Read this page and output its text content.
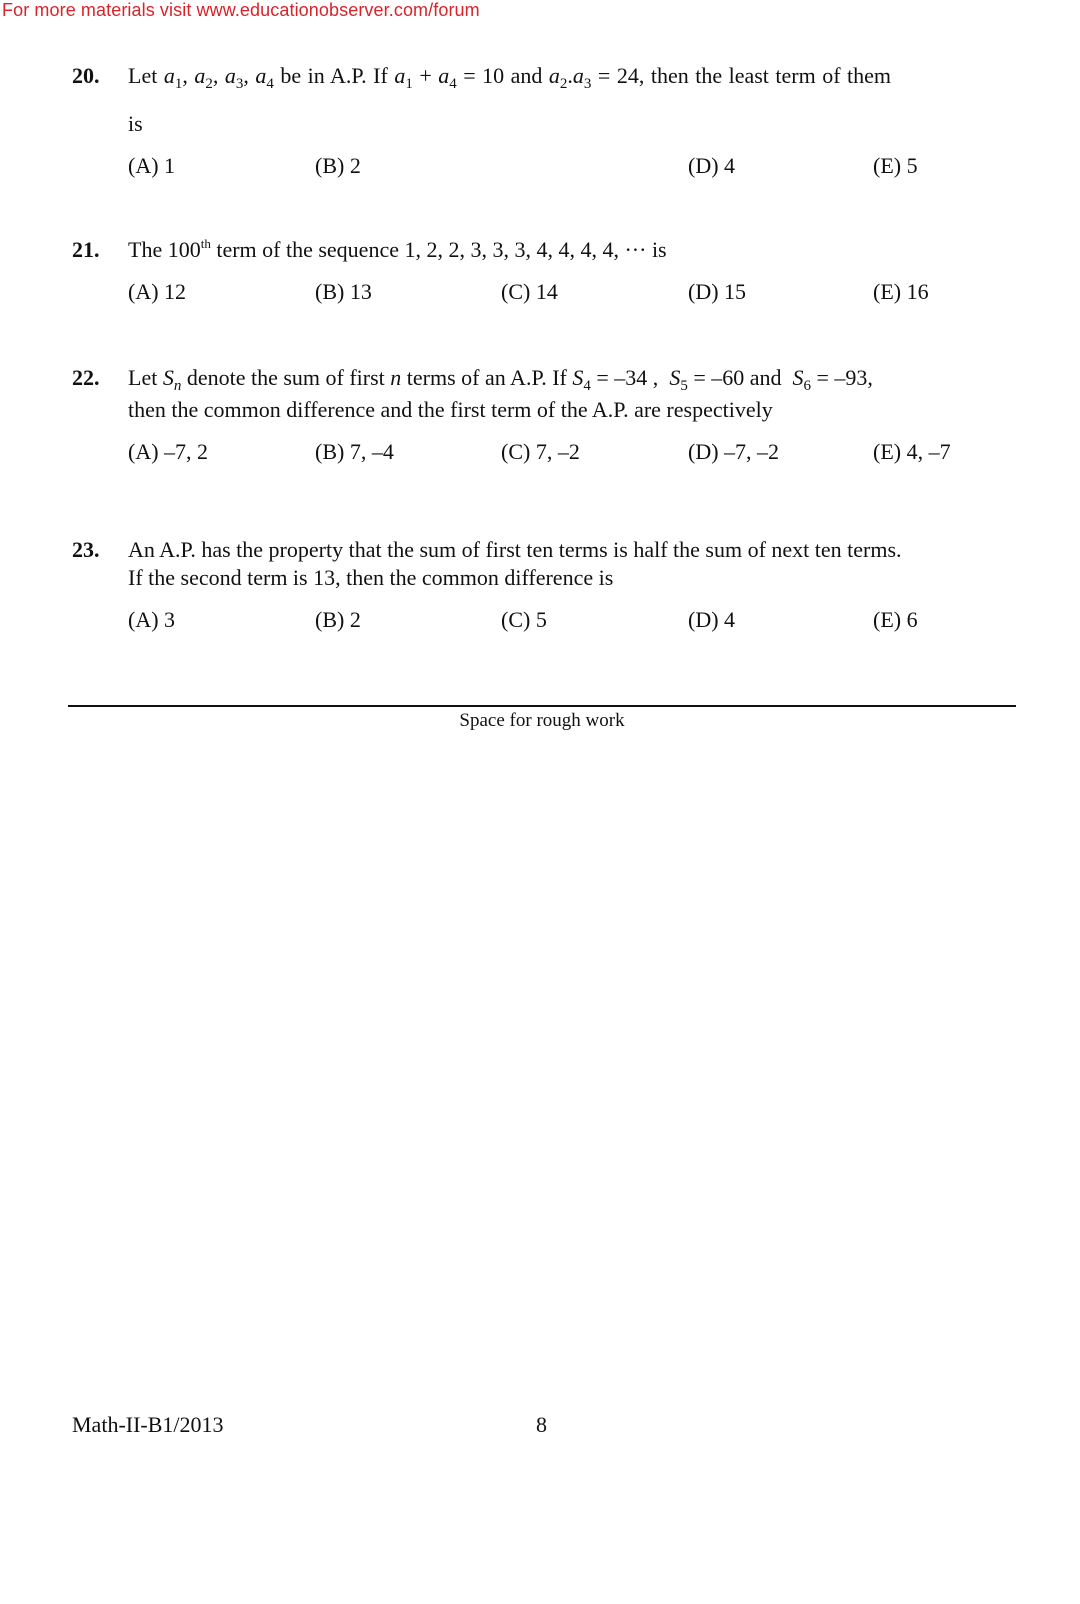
For more materials visit www.educationobserver.com/forum
20. Let $a_1$, $a_2$, $a_3$, $a_4$ be in A.P. If $a_1 + a_4 = 10$ and $a_2.a_3 = 24$, then the least term of them
is
(A) 1	(B) 2	(D) 4	(E) 5
21. The 100th term of the sequence 1, 2, 2, 3, 3, 3, 4, 4, 4, 4, ··· is
(A) 12	(B) 13	(C) 14	(D) 15	(E) 16
22. Let $S_n$ denote the sum of first n terms of an A.P. If $S_4 = -34$ , $S_5 = -60$ and  $S_6 = -93$,
then the common difference and the first term of the A.P. are respectively
(A) –7, 2	(B) 7, –4	(C) 7, –2	(D) –7, –2	(E) 4, –7
23. An A.P. has the property that the sum of first ten terms is half the sum of next ten terms.
If the second term is 13, then the common difference is
(A) 3	(B) 2	(C) 5	(D) 4	(E) 6
Space for rough work
Math-II-B1/2013	8
